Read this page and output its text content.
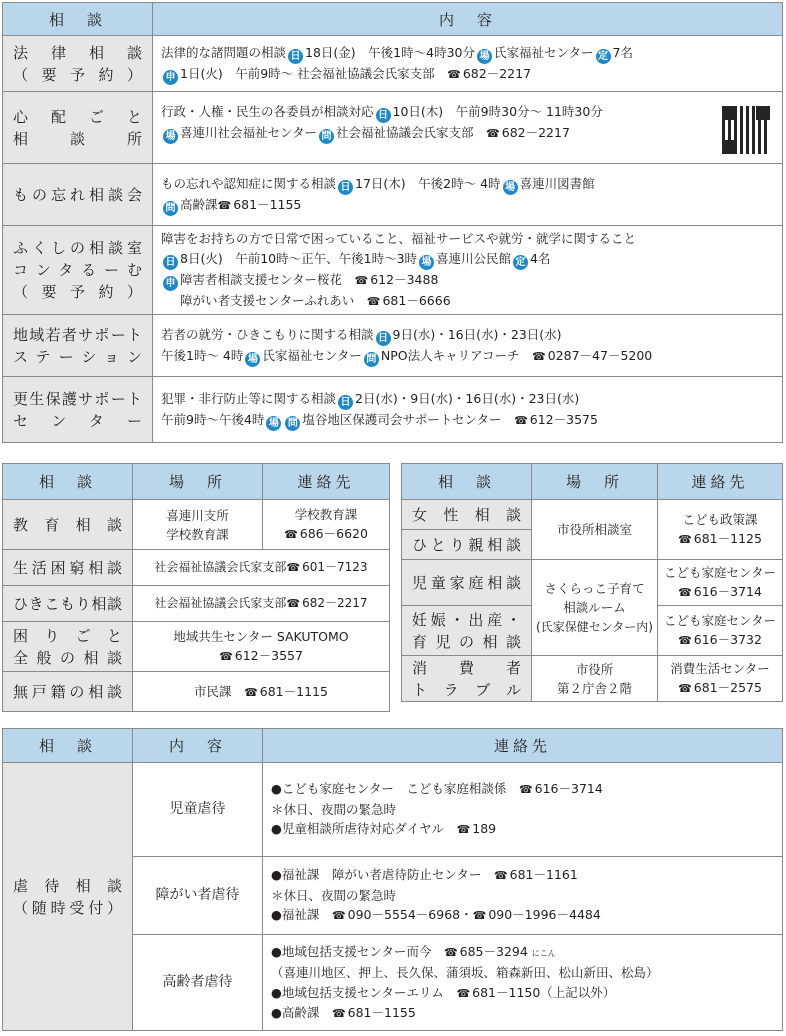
相　談	内　容

法律相談
（要予約）	法律的な諸問題の相談 日 18日(金)　午後1時～4時30分 場 氏家福祉センター 定 7名
申 1日(火)　午前9時～ 社会福祉協議会氏家支部　 ☎ 682－2217

心配ごと
相談所	行政・人権・民生の各委員が相談対応 日 10日(木)　午前9時30分～ 11時30分
場 喜連川社会福祉センター 問 社会福祉協議会氏家支部　 ☎ 682－2217

もの忘れ相談会	もの忘れや認知症に関する相談 日 17日(木)　午後2時～ 4時 場 喜連川図書館
問 高齢課☎ 681－1155

ふくしの相談室
コンタるーむ
（要予約）	障害をお持ちの方で日常で困っていること、福祉サービスや就労・就学に関すること
日 8日(火)　午前10時～正午、午後1時～3時 場 喜連川公民館 定 4名
申 障害者相談支援センター桜花　 ☎ 612－3488
障がい者支援センターふれあい　 ☎ 681－6666

地域若者サポート
ステーション	若者の就労・ひきこもりに関する相談 日 9日(水)・16日(水)・23日(水)
午後1時～ 4時 場 氏家福祉センター 問 NPO法人キャリアコーチ　 ☎ 0287－47－5200

更生保護サポート
センター	犯罪・非行防止等に関する相談 日 2日(水)・9日(水)・16日(水)・23日(水)
午前9時～午後4時 場 問 塩谷地区保護司会サポートセンター　 ☎ 612－3575
相　談	場　所	連絡先

教育相談	喜連川支所
学校教育課	学校教育課
☎ 686－6620

生活困窮相談	社会福祉協議会氏家支部☎ 601－7123	

ひきこもり相談	社会福祉協議会氏家支部☎ 682－2217	

困りごと
全般の相談	地域共生センター SAKUTOMO
☎ 612－3557	

無戸籍の相談	市民課　 ☎ 681－1115	
相　談	場　所	連絡先

女性相談	市役所相談室	こども政策課
☎ 681－1125

ひとり親相談		

児童家庭相談	さくらっこ子育て
相談ルーム
(氏家保健センター内)	こども家庭センター
☎ 616－3714

妊娠・出産・
育児の相談		こども家庭センター
☎ 616－3732

消費者
トラブル	市役所
第２庁舎２階	消費生活センター
☎ 681－2575
相　談	内　容	連絡先

虐待相談
（随時受付）	児童虐待	●こども家庭センター　こども家庭相談係　 ☎ 616－3714
＊休日、夜間の緊急時
●児童相談所虐待対応ダイヤル　 ☎ 189
	障がい者虐待	●福祉課　障がい者虐待防止センター　 ☎ 681－1161
＊休日、夜間の緊急時
●福祉課　 ☎ 090－5554－6968・☎ 090－1996－4484
	高齢者虐待	●地域包括支援センター而今　 ☎ 685－3294 にこん
（喜連川地区、押上、長久保、蒲須坂、箱森新田、松山新田、松島）
●地域包括支援センターエリム　 ☎ 681－1150（上記以外）
●高齢課　 ☎ 681－1155
